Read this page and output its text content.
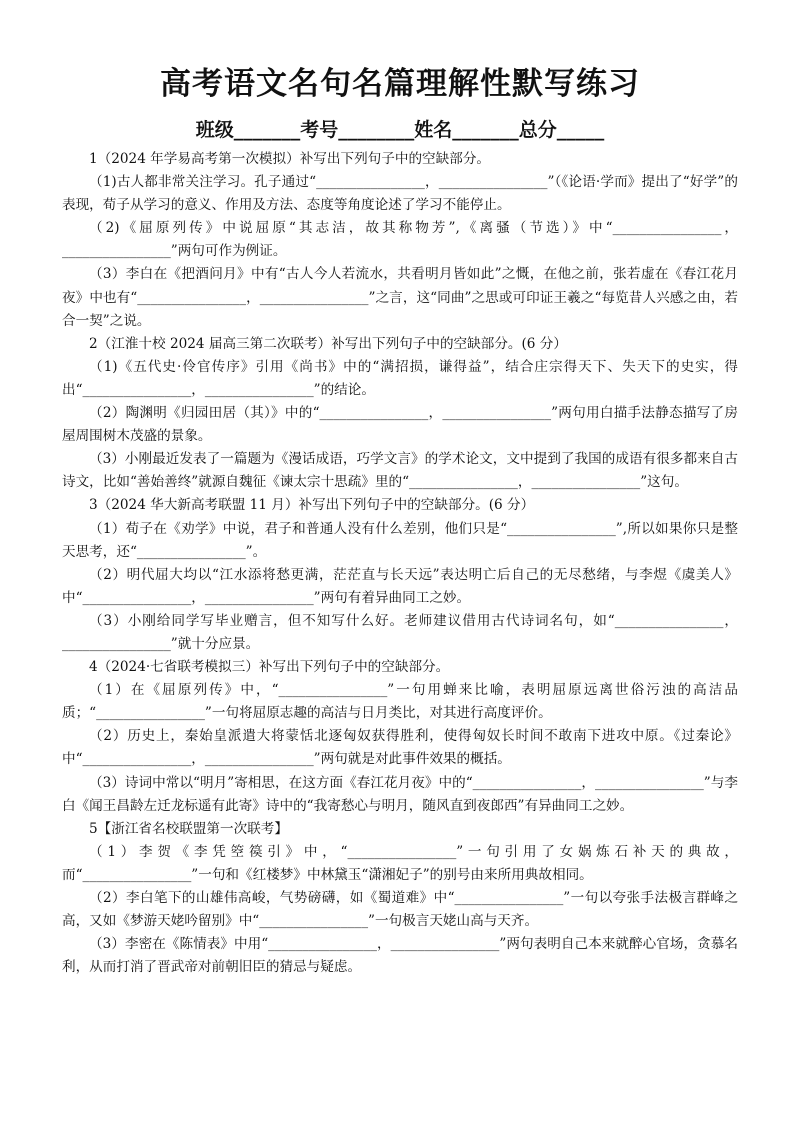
高考语文名句名篇理解性默写练习
班级_______考号________姓名_______总分_____

1（2024 年学易高考第一次模拟）补写出下列句子中的空缺部分。

（1)古人都非常关注学习。孔子通过“________________，________________”（《论语·学而》提出了“好学”的表现，荀子从学习的意义、作用及方法、态度等角度论述了学习不能停止。

（2)《屈原列传》中说屈原“其志洁，故其称物芳”,《离骚（节选）》中“________________，________________”两句可作为例证。

（3）李白在《把酒问月》中有“古人今人若流水，共看明月皆如此”之慨，在他之前，张若虚在《春江花月夜》中也有“________________，________________”之言，这“同曲”之思或可印证王羲之“每览昔人兴感之由，若合一契”之说。

2（江淮十校 2024 届高三第二次联考）补写出下列句子中的空缺部分。(6 分）

（1)《五代史·伶官传序》引用《尚书》中的“满招损，谦得益”，结合庄宗得天下、失天下的史实，得出“________________，________________”的结论。

（2）陶渊明《归园田居（其）》中的“________________，________________”两句用白描手法静态描写了房屋周围树木茂盛的景象。

（3）小刚最近发表了一篇题为《漫话成语，巧学文言》的学术论文，文中提到了我国的成语有很多都来自古诗文，比如“善始善终”就源自魏征《谏太宗十思疏》里的“________________，________________”这句。

3（2024 华大新高考联盟 11 月）补写出下列句子中的空缺部分。(6 分）

（1）荀子在《劝学》中说，君子和普通人没有什么差别，他们只是“________________”,所以如果你只是整天思考，还“________________”。

（2）明代屈大均以“江水添将愁更满，茫茫直与长天远”表达明亡后自己的无尽愁绪，与李煜《虞美人》中“________________，________________”两句有着异曲同工之妙。

（3）小刚给同学写毕业赠言，但不知写什么好。老师建议借用古代诗词名句，如“________________，________________”就十分应景。

4（2024·七省联考模拟三）补写出下列句子中的空缺部分。

（1）在《屈原列传》中，“________________”一句用蝉来比喻，表明屈原远离世俗污浊的高洁品质；“________________”一句将屈原志趣的高洁与日月类比，对其进行高度评价。

（2）历史上，秦始皇派遣大将蒙恬北逐匈奴获得胜利，使得匈奴长时间不敢南下进攻中原。《过秦论》中“________________，________________”两句就是对此事件效果的概括。

（3）诗词中常以“明月”寄相思，在这方面《春江花月夜》中的“________________，________________”与李白《闻王昌龄左迁龙标遥有此寄》诗中的“我寄愁心与明月，随风直到夜郎西”有异曲同工之妙。

5【浙江省名校联盟第一次联考】

（1）李贺《李凭箜篌引》中，“________________”一句引用了女娲炼石补天的典故，而“________________”一句和《红楼梦》中林黛玉“潇湘妃子”的别号由来所用典故相同。

（2）李白笔下的山雄伟高峻，气势磅礴，如《蜀道难》中“________________”一句以夸张手法极言群峰之高，又如《梦游天姥吟留别》中“________________”一句极言天姥山高与天齐。

（3）李密在《陈情表》中用“________________，________________”两句表明自己本来就醉心官场，贪慕名利，从而打消了晋武帝对前朝旧臣的猜忌与疑虑。
